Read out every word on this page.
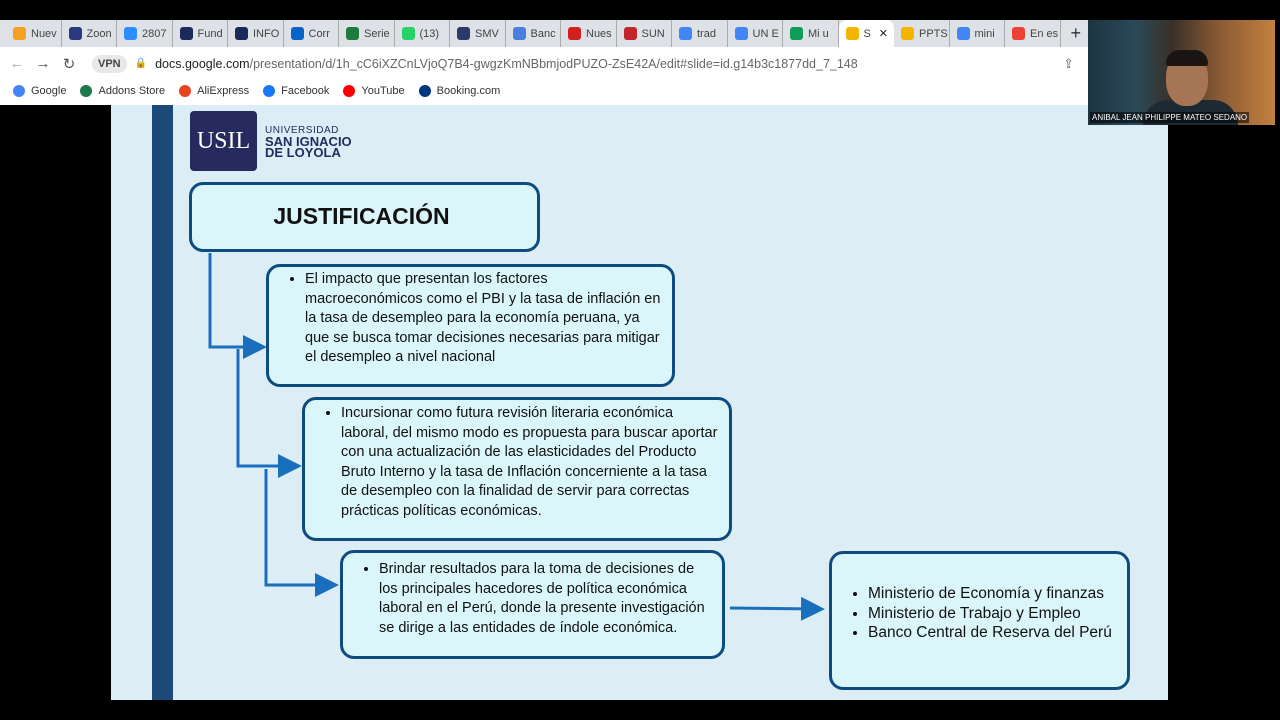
Nuev	Zoon	2807	Fund	INFO	Corr	Serie	(13)	SMV	Banc	Nues	SUN	trad	UN E	Mi u	S ✕	PPTS mini	En es +
← → ↻	VPN	🔒 docs.google.com/presentation/d/1h_cC6iXZCnLVjoQ7B4-gwgzKmNBbmjodPUZO-ZsE42A/edit#slide=id.g14b3c1877dd_7_148	⇪
Google	Addons Store	AliExpress	Facebook	YouTube	Booking.com
USIL UNIVERSIDAD
SAN IGNACIO
DE LOYOLA
JUSTIFICACIÓN
• El impacto que presentan los factores macroeconómicos como el PBI y la tasa de inflación en la tasa de desempleo para la economía peruana, ya que se busca tomar decisiones necesarias para mitigar el desempleo a nivel nacional
• Incursionar como futura revisión literaria económica laboral, del mismo modo es propuesta para buscar aportar con una actualización de las elasticidades del Producto Bruto Interno y la tasa de Inflación concerniente a la tasa de desempleo con la finalidad de servir para correctas prácticas políticas económicas.
• Brindar resultados para la toma de decisiones de los principales hacedores de política económica laboral en el Perú, donde la presente investigación se dirige a las entidades de índole económica.
• Ministerio de Economía y finanzas
• Ministerio de Trabajo y Empleo
• Banco Central de Reserva del Perú
ANIBAL JEAN PHILIPPE MATEO SEDANO
